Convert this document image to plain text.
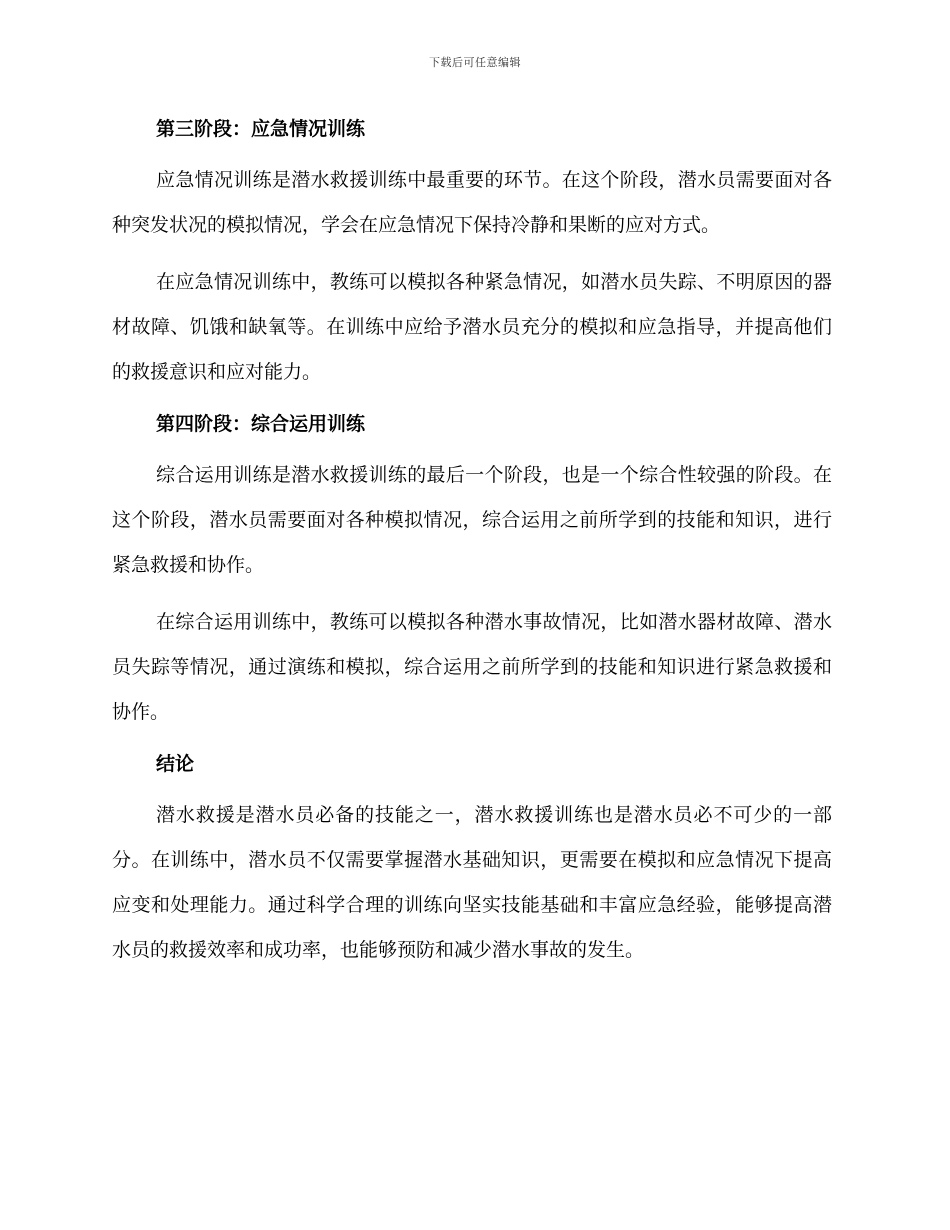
下载后可任意编辑
第三阶段：应急情况训练

应急情况训练是潜水救援训练中最重要的环节。在这个阶段，潜水员需要面对各种突发状况的模拟情况，学会在应急情况下保持冷静和果断的应对方式。

在应急情况训练中，教练可以模拟各种紧急情况，如潜水员失踪、不明原因的器材故障、饥饿和缺氧等。在训练中应给予潜水员充分的模拟和应急指导，并提高他们的救援意识和应对能力。

第四阶段：综合运用训练

综合运用训练是潜水救援训练的最后一个阶段，也是一个综合性较强的阶段。在这个阶段，潜水员需要面对各种模拟情况，综合运用之前所学到的技能和知识，进行紧急救援和协作。

在综合运用训练中，教练可以模拟各种潜水事故情况，比如潜水器材故障、潜水员失踪等情况，通过演练和模拟，综合运用之前所学到的技能和知识进行紧急救援和协作。

结论

潜水救援是潜水员必备的技能之一，潜水救援训练也是潜水员必不可少的一部分。在训练中，潜水员不仅需要掌握潜水基础知识，更需要在模拟和应急情况下提高应变和处理能力。通过科学合理的训练向坚实技能基础和丰富应急经验，能够提高潜水员的救援效率和成功率，也能够预防和减少潜水事故的发生。
